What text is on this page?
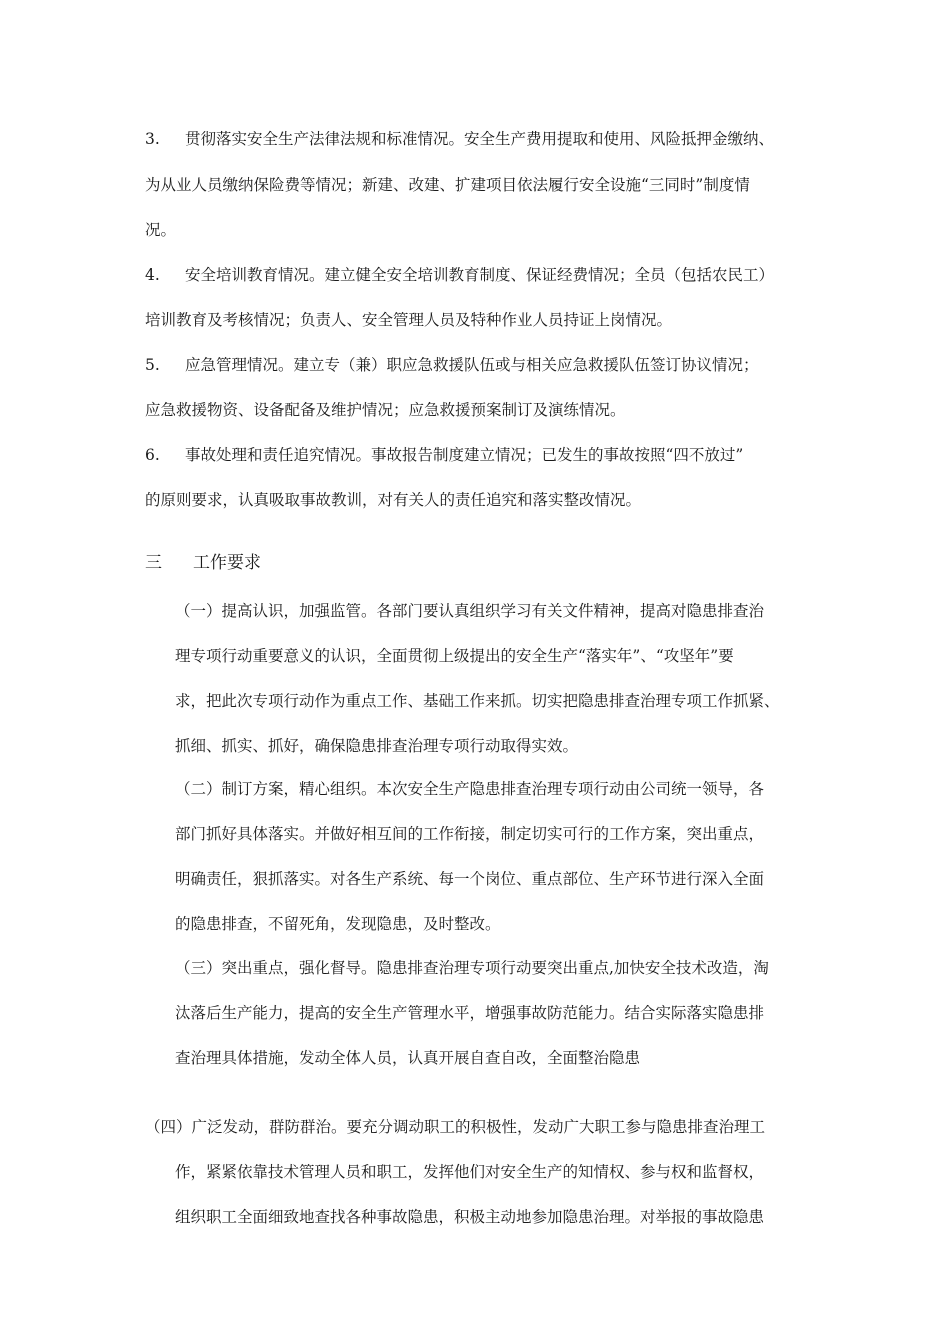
3. 贯彻落实安全生产法律法规和标准情况。安全生产费用提取和使用、风险抵押金缴纳、
为从业人员缴纳保险费等情况；新建、改建、扩建项目依法履行安全设施“三同时”制度情
况。
4. 安全培训教育情况。建立健全安全培训教育制度、保证经费情况；全员（包括农民工）
培训教育及考核情况；负责人、安全管理人员及特种作业人员持证上岗情况。
5. 应急管理情况。建立专（兼）职应急救援队伍或与相关应急救援队伍签订协议情况；
应急救援物资、设备配备及维护情况；应急救援预案制订及演练情况。
6. 事故处理和责任追究情况。事故报告制度建立情况；已发生的事故按照“四不放过”
的原则要求，认真吸取事故教训，对有关人的责任追究和落实整改情况。
三 工作要求
（一）提高认识，加强监管。各部门要认真组织学习有关文件精神，提高对隐患排查治
理专项行动重要意义的认识，全面贯彻上级提出的安全生产“落实年”、“攻坚年”要
求，把此次专项行动作为重点工作、基础工作来抓。切实把隐患排查治理专项工作抓紧、
抓细、抓实、抓好，确保隐患排查治理专项行动取得实效。
（二）制订方案，精心组织。本次安全生产隐患排查治理专项行动由公司统一领导，各
部门抓好具体落实。并做好相互间的工作衔接，制定切实可行的工作方案，突出重点，
明确责任，狠抓落实。对各生产系统、每一个岗位、重点部位、生产环节进行深入全面
的隐患排查，不留死角，发现隐患，及时整改。
（三）突出重点，强化督导。隐患排查治理专项行动要突出重点,加快安全技术改造，淘
汰落后生产能力，提高的安全生产管理水平，增强事故防范能力。结合实际落实隐患排
查治理具体措施，发动全体人员，认真开展自查自改，全面整治隐患
（四）广泛发动，群防群治。要充分调动职工的积极性，发动广大职工参与隐患排查治理工
作，紧紧依靠技术管理人员和职工，发挥他们对安全生产的知情权、参与权和监督权，
组织职工全面细致地查找各种事故隐患，积极主动地参加隐患治理。对举报的事故隐患
